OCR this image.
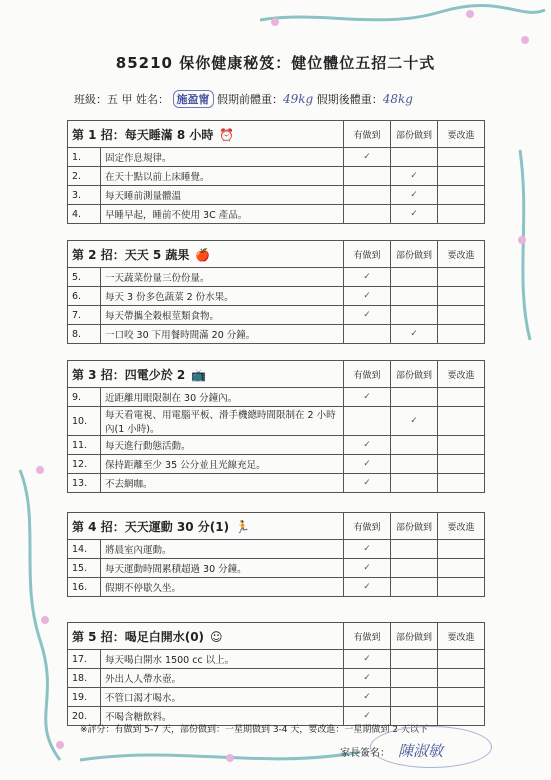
85210 保你健康秘笈：健位體位五招二十式
班級：五 甲 姓名： 施盈甯 假期前體重：49kg 假期後體重：48kg
第 1 招：每天睡滿 8 小時 ⏰		有做到	部份做到	要改進
1.	固定作息規律。	✓		
2.	在天十點以前上床睡覺。		✓	
3.	每天睡前測量體溫		✓	
4.	早睡早起，睡前不使用 3C 產品。		✓	
第 2 招：天天 5 蔬果 🍎		有做到	部份做到	要改進
5.	一天蔬菜份量三份份量。	✓		
6.	每天 3 份多色蔬菜 2 份水果。	✓		
7.	每天帶攜全穀根莖類食物。	✓		
8.	一口咬 30 下用餐時間滿 20 分鐘。		✓	
第 3 招：四電少於 2 📺		有做到	部份做到	要改進
9.	近距離用眼限制在 30 分鐘內。	✓		
10.	每天看電視、用電腦平板、滑手機總時間限制在 2 小時內(1 小時)。		✓	
11.	每天進行動態活動。	✓		
12.	保持距離至少 35 公分並且光線充足。	✓		
13.	不去網咖。	✓		
第 4 招：天天運動 30 分(1) 🏃		有做到	部份做到	要改進
14.	將晨室內運動。	✓		
15.	每天運動時間累積超過 30 分鐘。	✓		
16.	假期不停歇久坐。	✓		
第 5 招：喝足白開水(0) ☺		有做到	部份做到	要改進
17.	每天喝白開水 1500 cc 以上。	✓		
18.	外出人人帶水壺。	✓		
19.	不管口渴才喝水。	✓		
20.	不喝含糖飲料。	✓		
※評分：有做到 5-7 天，部份做到：一星期做到 3-4 天，要改進：一星期做到 2 天以下
家長簽名： 陳淑敏
